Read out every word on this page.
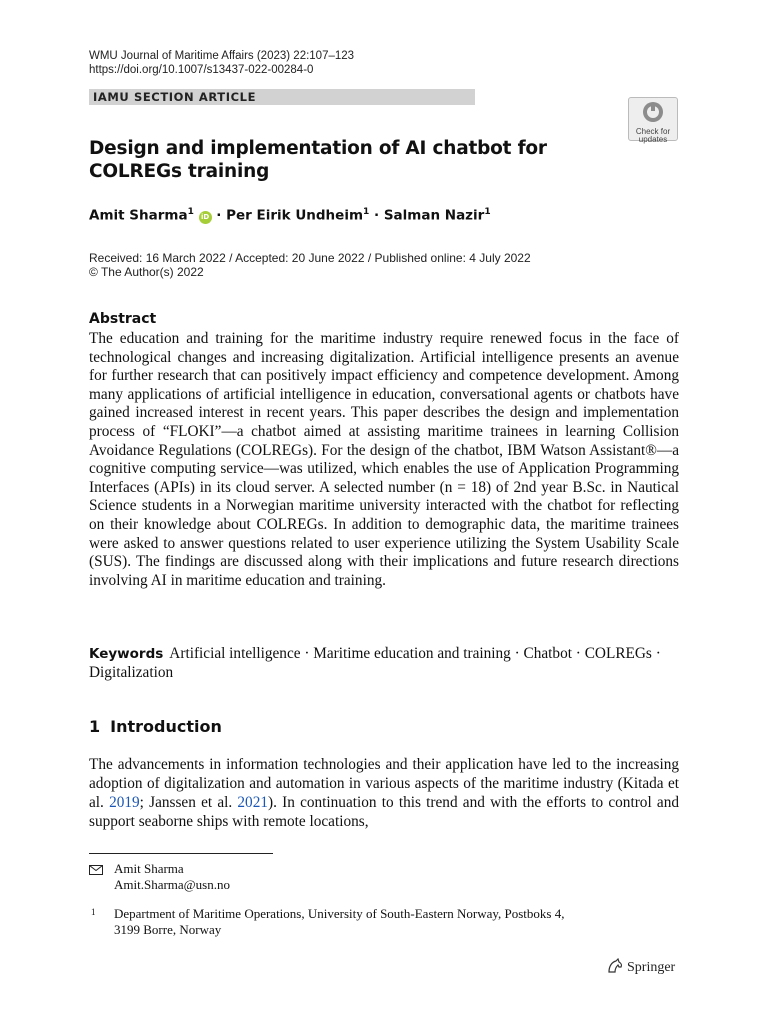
WMU Journal of Maritime Affairs (2023) 22:107–123
https://doi.org/10.1007/s13437-022-00284-0
IAMU SECTION ARTICLE
Check for
updates
Design and implementation of AI chatbot for COLREGs training
Amit Sharma$^1$ iD · Per Eirik Undheim$^1$ · Salman Nazir$^1$
Received: 16 March 2022 / Accepted: 20 June 2022 / Published online: 4 July 2022
© The Author(s) 2022
Abstract
The education and training for the maritime industry require renewed focus in the face of technological changes and increasing digitalization. Artificial intelligence presents an avenue for further research that can positively impact efficiency and competence development. Among many applications of artificial intelligence in education, conversational agents or chatbots have gained increased interest in recent years. This paper describes the design and implementation process of “FLOKI”—a chatbot aimed at assisting maritime trainees in learning Collision Avoidance Regulations (COLREGs). For the design of the chatbot, IBM Watson Assistant®—a cognitive computing service—was utilized, which enables the use of Application Programming Interfaces (APIs) in its cloud server. A selected number (n = 18) of 2nd year B.Sc. in Nautical Science students in a Norwegian maritime university interacted with the chatbot for reflecting on their knowledge about COLREGs. In addition to demographic data, the maritime trainees were asked to answer questions related to user experience utilizing the System Usability Scale (SUS). The findings are discussed along with their implications and future research directions involving AI in maritime education and training.
Keywords Artificial intelligence · Maritime education and training · Chatbot · COLREGs · Digitalization
1 Introduction
The advancements in information technologies and their application have led to the increasing adoption of digitalization and automation in various aspects of the maritime industry (Kitada et al. 2019; Janssen et al. 2021). In continuation to this trend and with the efforts to control and support seaborne ships with remote locations,
Amit Sharma
Amit.Sharma@usn.no
1 Department of Maritime Operations, University of South-Eastern Norway, Postboks 4,
3199 Borre, Norway
Springer
